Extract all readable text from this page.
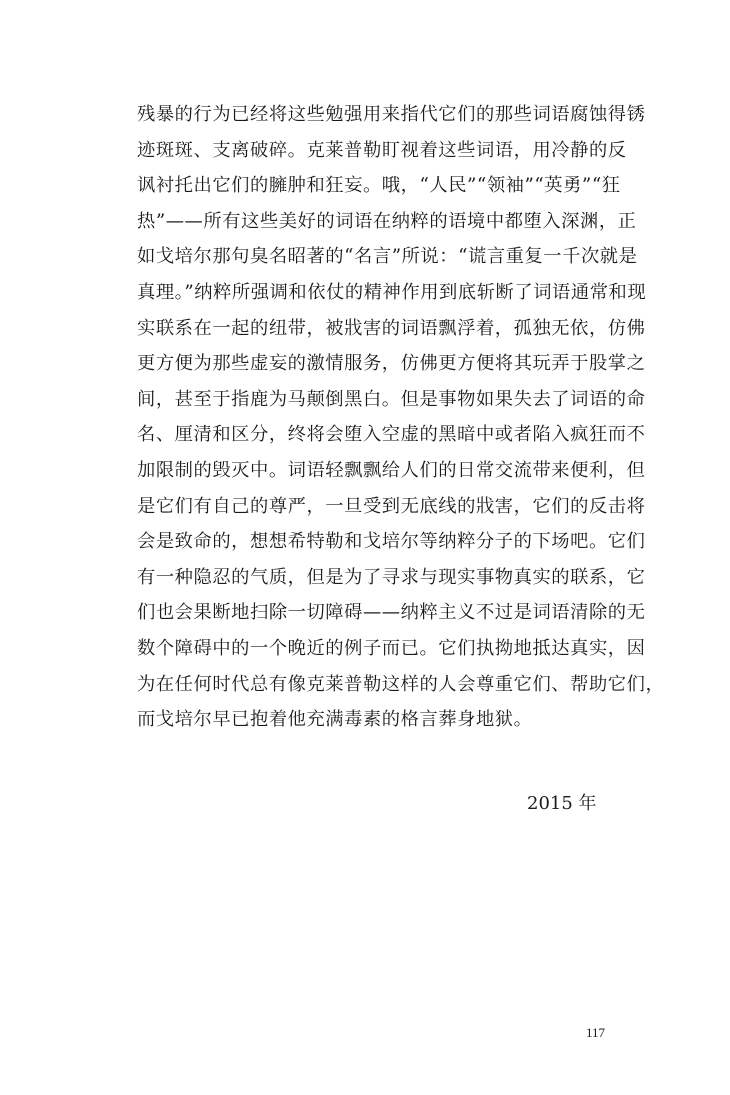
残暴的行为已经将这些勉强用来指代它们的那些词语腐蚀得锈
迹斑斑、支离破碎。克莱普勒盯视着这些词语，用冷静的反
讽衬托出它们的臃肿和狂妄。哦，“人民”“领袖”“英勇”“狂
热”——所有这些美好的词语在纳粹的语境中都堕入深渊，正
如戈培尔那句臭名昭著的“名言”所说：“谎言重复一千次就是
真理。”纳粹所强调和依仗的精神作用到底斩断了词语通常和现
实联系在一起的纽带，被戕害的词语飘浮着，孤独无依，仿佛
更方便为那些虚妄的激情服务，仿佛更方便将其玩弄于股掌之
间，甚至于指鹿为马颠倒黑白。但是事物如果失去了词语的命
名、厘清和区分，终将会堕入空虚的黑暗中或者陷入疯狂而不
加限制的毁灭中。词语轻飘飘给人们的日常交流带来便利，但
是它们有自己的尊严，一旦受到无底线的戕害，它们的反击将
会是致命的，想想希特勒和戈培尔等纳粹分子的下场吧。它们
有一种隐忍的气质，但是为了寻求与现实事物真实的联系，它
们也会果断地扫除一切障碍——纳粹主义不过是词语清除的无
数个障碍中的一个晚近的例子而已。它们执拗地抵达真实，因
为在任何时代总有像克莱普勒这样的人会尊重它们、帮助它们，
而戈培尔早已抱着他充满毒素的格言葬身地狱。
2015 年
117
